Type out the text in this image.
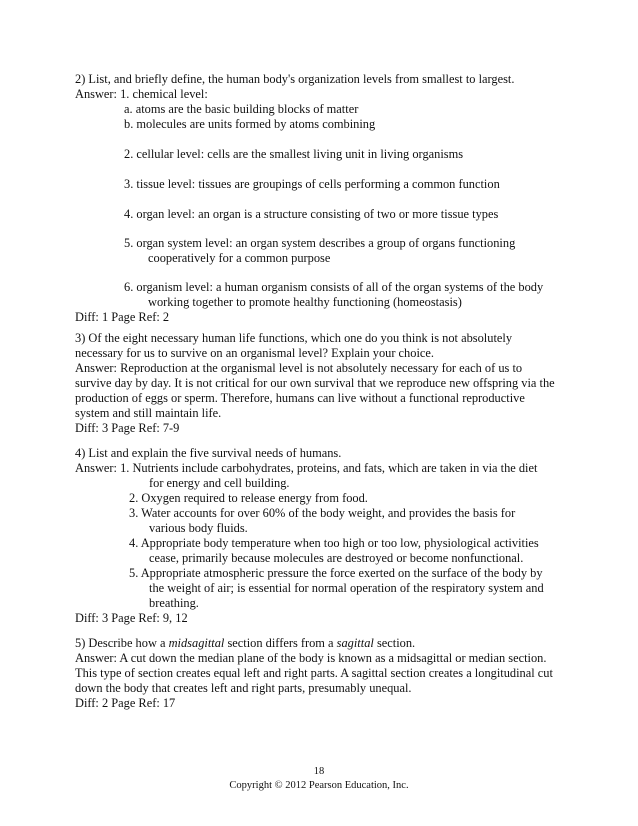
2) List, and briefly define, the human body's organization levels from smallest to largest.
Answer: 1. chemical level:
a. atoms are the basic building blocks of matter
b. molecules are units formed by atoms combining
2. cellular level: cells are the smallest living unit in living organisms
3. tissue level: tissues are groupings of cells performing a common function
4. organ level: an organ is a structure consisting of two or more tissue types
5. organ system level: an organ system describes a group of organs functioning
cooperatively for a common purpose
6. organism level: a human organism consists of all of the organ systems of the body
working together to promote healthy functioning (homeostasis)
Diff: 1 Page Ref: 2
3) Of the eight necessary human life functions, which one do you think is not absolutely
necessary for us to survive on an organismal level? Explain your choice.
Answer: Reproduction at the organismal level is not absolutely necessary for each of us to
survive day by day. It is not critical for our own survival that we reproduce new offspring via the
production of eggs or sperm. Therefore, humans can live without a functional reproductive
system and still maintain life.
Diff: 3 Page Ref: 7-9
4) List and explain the five survival needs of humans.
Answer: 1. Nutrients include carbohydrates, proteins, and fats, which are taken in via the diet
for energy and cell building.
2. Oxygen required to release energy from food.
3. Water accounts for over 60% of the body weight, and provides the basis for
various body fluids.
4. Appropriate body temperature when too high or too low, physiological activities
cease, primarily because molecules are destroyed or become nonfunctional.
5. Appropriate atmospheric pressure the force exerted on the surface of the body by
the weight of air; is essential for normal operation of the respiratory system and
breathing.
Diff: 3 Page Ref: 9, 12
5) Describe how a midsagittal section differs from a sagittal section.
Answer: A cut down the median plane of the body is known as a midsagittal or median section.
This type of section creates equal left and right parts. A sagittal section creates a longitudinal cut
down the body that creates left and right parts, presumably unequal.
Diff: 2 Page Ref: 17
18
Copyright © 2012 Pearson Education, Inc.
